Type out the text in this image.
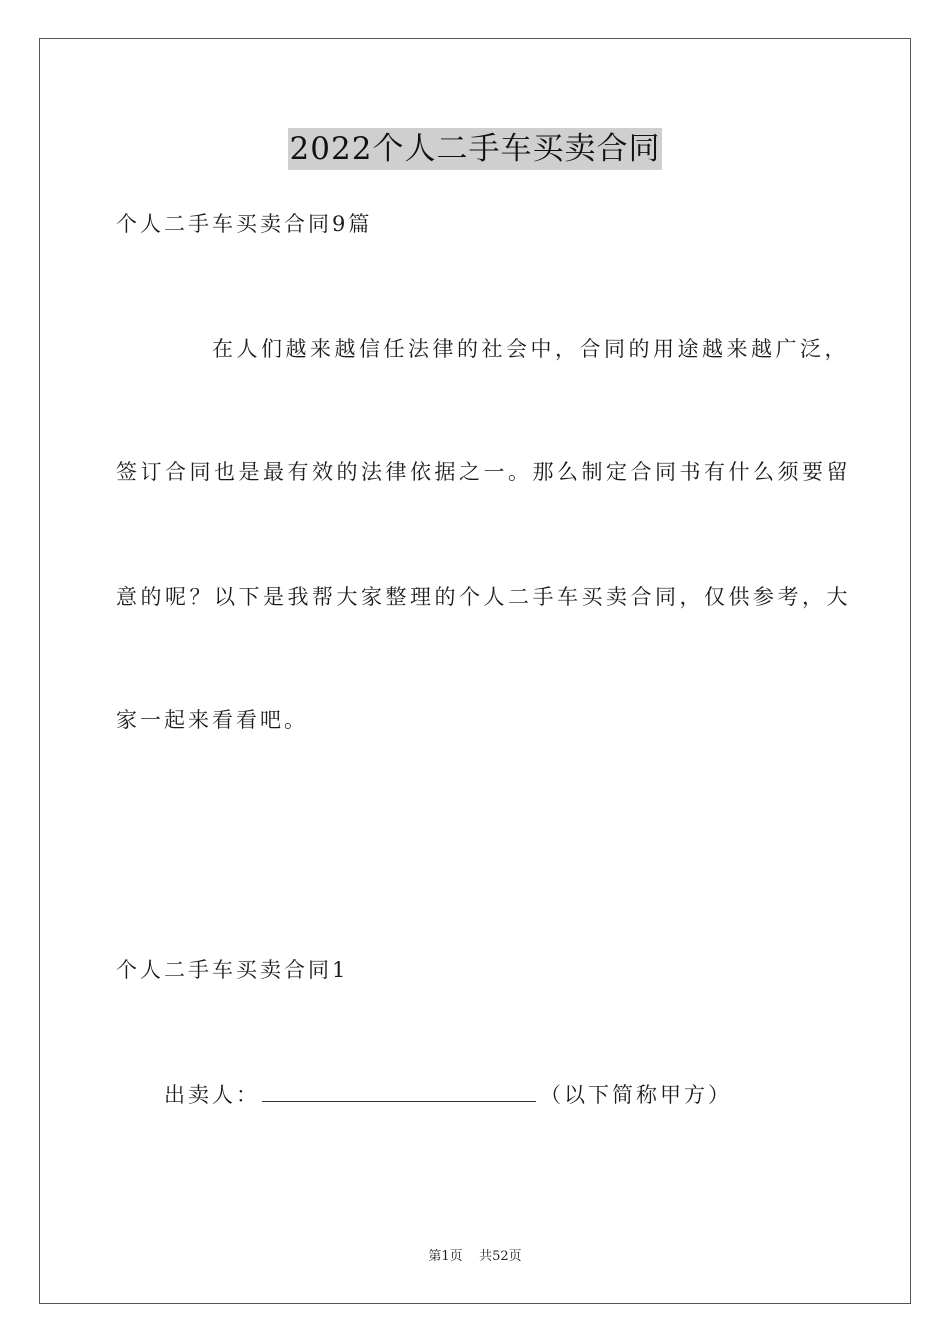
2022个人二手车买卖合同
个人二手车买卖合同9篇
在人们越来越信任法律的社会中，合同的用途越来越广泛，
签订合同也是最有效的法律依据之一。那么制定合同书有什么须要留
意的呢？以下是我帮大家整理的个人二手车买卖合同，仅供参考，大
家一起来看看吧。
个人二手车买卖合同1
出卖人：	（以下简称甲方）
第1页 共52页
